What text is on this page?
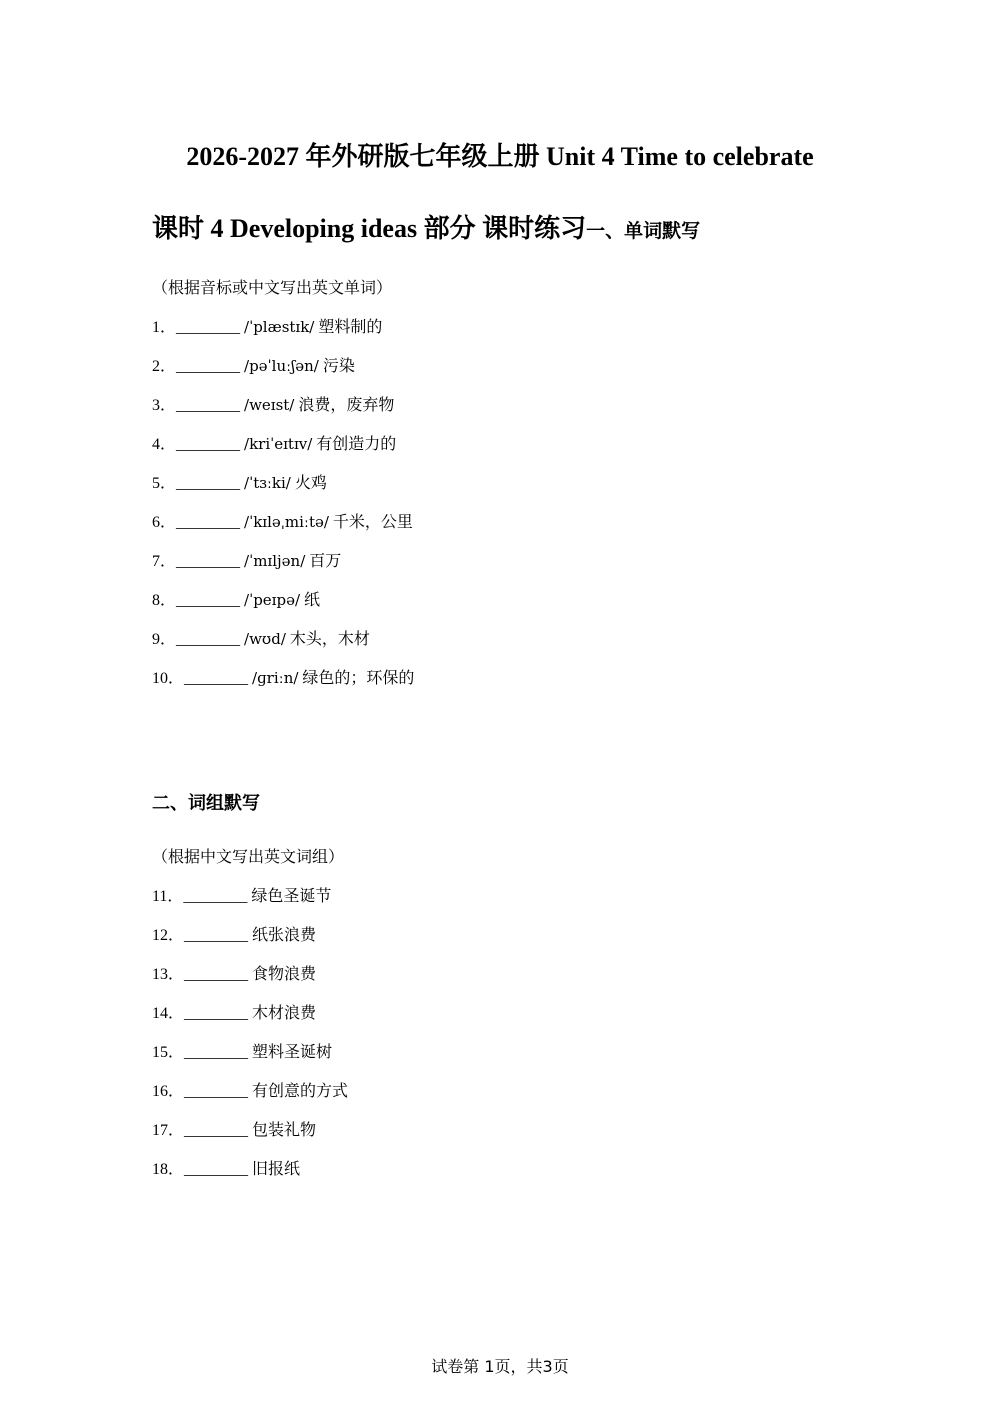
2026-2027 年外研版七年级上册 Unit 4 Time to celebrate
课时 4 Developing ideas 部分 课时练习一、单词默写
（根据音标或中文写出英文单词）
1．________ /ˈplæstɪk/ 塑料制的
2．________ /pəˈluːʃən/ 污染
3．________ /weɪst/ 浪费，废弃物
4．________ /kriˈeɪtɪv/ 有创造力的
5．________ /ˈtɜːki/ 火鸡
6．________ /ˈkɪləˌmiːtə/ 千米，公里
7．________ /ˈmɪljən/ 百万
8．________ /ˈpeɪpə/ 纸
9．________ /wʊd/ 木头，木材
10．________ /ɡriːn/ 绿色的；环保的
二、词组默写
（根据中文写出英文词组）
11．________ 绿色圣诞节
12．________ 纸张浪费
13．________ 食物浪费
14．________ 木材浪费
15．________ 塑料圣诞树
16．________ 有创意的方式
17．________ 包装礼物
18．________ 旧报纸
试卷第 1页，共3页
